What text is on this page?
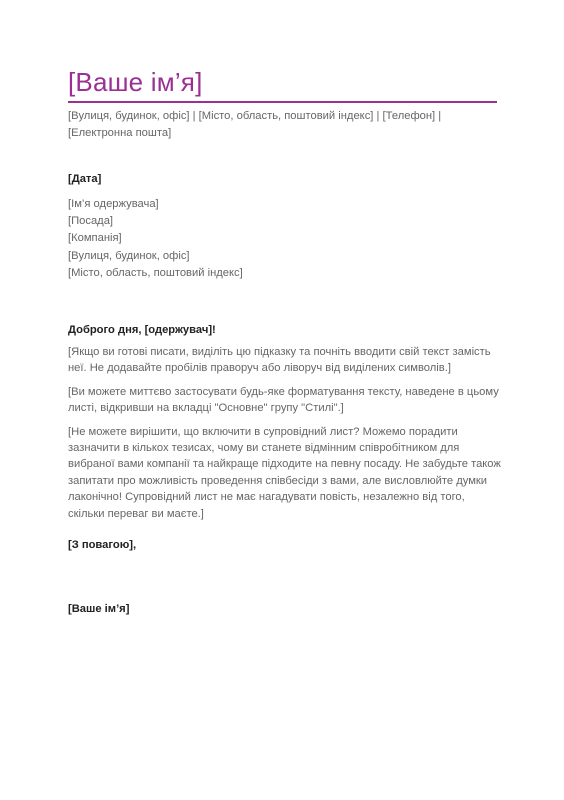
[Ваше ім’я]
[Вулиця, будинок, офіс] | [Місто, область, поштовий індекс] | [Телефон] |
[Електронна пошта]
[Дата]
[Ім’я одержувача]
[Посада]
[Компанія]
[Вулиця, будинок, офіс]
[Місто, область, поштовий індекс]
Доброго дня, [одержувач]!

[Якщо ви готові писати, виділіть цю підказку та почніть вводити свій текст замість неї. Не додавайте пробілів праворуч або ліворуч від виділених символів.]

[Ви можете миттєво застосувати будь-яке форматування тексту, наведене в цьому листі, відкривши на вкладці "Основне" групу "Стилі".]

[Не можете вирішити, що включити в супровідний лист? Можемо порадити зазначити в кількох тезисах, чому ви станете відмінним співробітником для вибраної вами компанії та найкраще підходите на певну посаду. Не забудьте також запитати про можливість проведення співбесіди з вами, але висловлюйте думки лаконічно! Супровідний лист не має нагадувати повість, незалежно від того, скільки переваг ви маєте.]

[З повагою],
[Ваше ім’я]
